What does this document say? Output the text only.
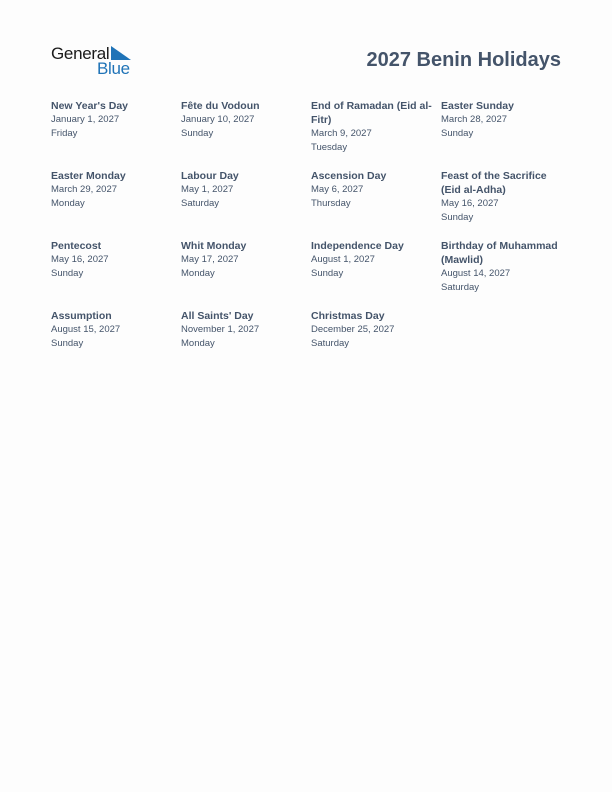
General
Blue	2027 Benin Holidays
New Year's Day
January 1, 2027
Friday
Fête du Vodoun
January 10, 2027
Sunday
End of Ramadan (Eid al-Fitr)
March 9, 2027
Tuesday
Easter Sunday
March 28, 2027
Sunday
Easter Monday
March 29, 2027
Monday
Labour Day
May 1, 2027
Saturday
Ascension Day
May 6, 2027
Thursday
Feast of the Sacrifice (Eid al-Adha)
May 16, 2027
Sunday
Pentecost
May 16, 2027
Sunday
Whit Monday
May 17, 2027
Monday
Independence Day
August 1, 2027
Sunday
Birthday of Muhammad (Mawlid)
August 14, 2027
Saturday
Assumption
August 15, 2027
Sunday
All Saints' Day
November 1, 2027
Monday
Christmas Day
December 25, 2027
Saturday
